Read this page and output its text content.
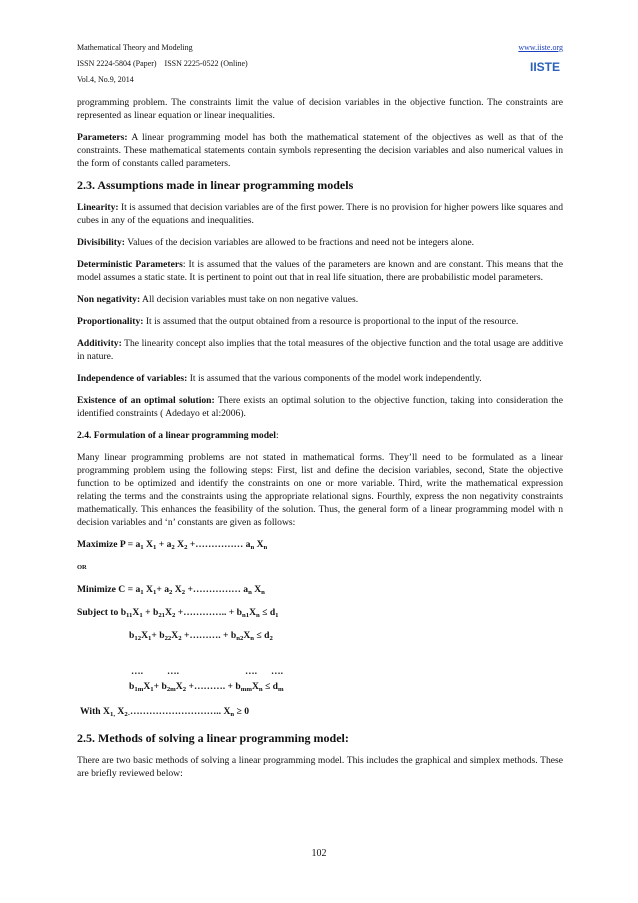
Mathematical Theory and Modeling
ISSN 2224-5804 (Paper)    ISSN 2225-0522 (Online)
Vol.4, No.9, 2014
www.iiste.org
IISTE

programming problem. The constraints limit the value of decision variables in the objective function. The constraints are represented as linear equation or linear inequalities.

Parameters: A linear programming model has both the mathematical statement of the objectives as well as that of the constraints. These mathematical statements contain symbols representing the decision variables and also numerical values in the form of constants called parameters.

2.3. Assumptions made in linear programming models

Linearity: It is assumed that decision variables are of the first power. There is no provision for higher powers like squares and cubes in any of the equations and inequalities.

Divisibility: Values of the decision variables are allowed to be fractions and need not be integers alone.

Deterministic Parameters: It is assumed that the values of the parameters are known and are constant. This means that the model assumes a static state. It is pertinent to point out that in real life situation, there are probabilistic model parameters.

Non negativity: All decision variables must take on non negative values.

Proportionality: It is assumed that the output obtained from a resource is proportional to the input of the resource.

Additivity: The linearity concept also implies that the total measures of the objective function and the total usage are additive in nature.

Independence of variables: It is assumed that the various components of the model work independently.

Existence of an optimal solution: There exists an optimal solution to the objective function, taking into consideration the identified constraints ( Adedayo et al:2006).

2.4. Formulation of a linear programming model:

Many linear programming problems are not stated in mathematical forms. They’ll need to be formulated as a linear programming problem using the following steps: First, list and define the decision variables, second, State the objective function to be optimized and identify the constraints on one or more variable. Third, write the mathematical expression relating the terms and the constraints using the appropriate relational signs. Fourthly, express the non negativity constraints mathematically. This enhances the feasibility of the solution. Thus, the general form of a linear programming model with n decision variables and ‘n’ constants are given as follows:

Maximize $P = a_1$ $X_1 + a_2$ $X_2$ +…………… $a_n$ $X_n$
OR
Minimize $C = a_1$ $X_1+ a_2$ $X_2$ +…………… $a_n$ $X_n$
Subject to $b_{11}X_1 + b_{21}X_2$ +………….. + $b_{n1}X_n \le d_1$
$b_{12}X_1+ b_{22}X_2$ +………. + $b_{n2}X_n \le d_2$
….	….	…. ….
$b_{1m}X_1+ b_{2m}X_2$ +………. + $b_{mm}X_n \le d_m$
With $X_{1,}$ $X_{2-}\dots\dots\dots\dots\dots\dots\dots\dots\dots$.. $X_n \ge 0$
2.5. Methods of solving a linear programming model:

There are two basic methods of solving a linear programming model. This includes the graphical and simplex methods. These are briefly reviewed below:

102
